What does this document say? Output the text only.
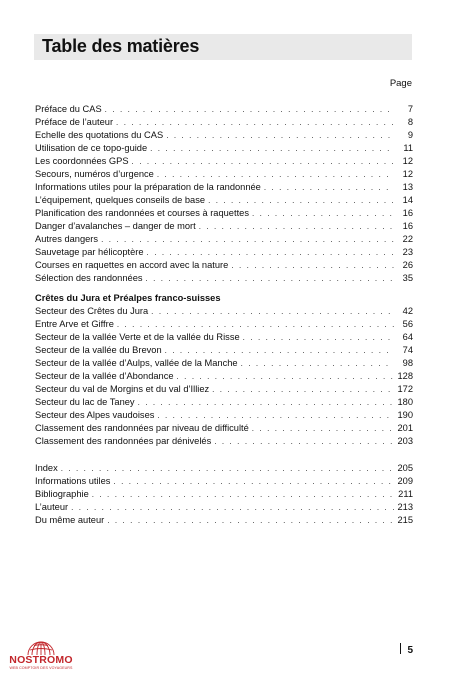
Table des matières
Page
Préface du CAS . . .	7
Préface de l’auteur . . .	8
Echelle des quotations du CAS . . .	9
Utilisation de ce topo-guide . . .	11
Les coordonnées GPS . . .	12
Secours, numéros d’urgence . . .	12
Informations utiles pour la préparation de la randonnée . . .	13
L’équipement, quelques conseils de base . . .	14
Planification des randonnées et courses à raquettes . . .	16
Danger d’avalanches – danger de mort . . .	16
Autres dangers . . .	22
Sauvetage par hélicoptère . . .	23
Courses en raquettes en accord avec la nature . . .	26
Sélection des randonnées . . .	35
Crêtes du Jura et Préalpes franco-suisses
Secteur des Crêtes du Jura . . .	42
Entre Arve et Giffre . . .	56
Secteur de la vallée Verte et de la vallée du Risse . . .	64
Secteur de la vallée du Brevon . . .	74
Secteur de la vallée d’Aulps, vallée de la Manche . . .	98
Secteur de la vallée d’Abondance . . .	128
Secteur du val de Morgins et du val d’Illiez . . .	172
Secteur du lac de Taney . . .	180
Secteur des Alpes vaudoises . . .	190
Classement des randonnées par niveau de difficulté . . .	201
Classement des randonnées par dénivelés . . .	203
Index . . .	205
Informations utiles . . .	209
Bibliographie . . .	211
L’auteur . . .	213
Du même auteur . . .	215
5
NOSTROMO
WEB COMPTOIR DES VOYAGEURS
